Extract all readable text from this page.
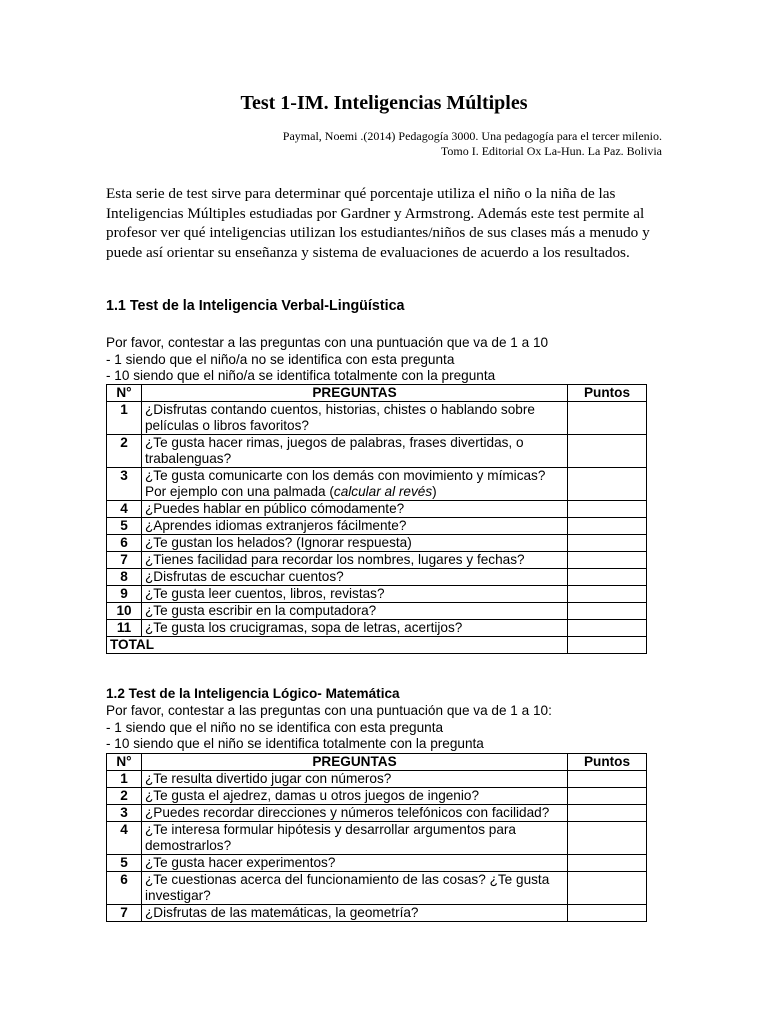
Test 1-IM. Inteligencias Múltiples
Paymal, Noemi .(2014) Pedagogía 3000. Una pedagogía para el tercer milenio.
Tomo I. Editorial Ox La-Hun. La Paz. Bolivia
Esta serie de test sirve para determinar qué porcentaje utiliza el niño o la niña de las Inteligencias Múltiples estudiadas por Gardner y Armstrong. Además este test permite al profesor ver qué inteligencias utilizan los estudiantes/niños de sus clases más a menudo y puede así orientar su enseñanza y sistema de evaluaciones de acuerdo a los resultados.
1.1 Test de la Inteligencia Verbal-Lingüística
Por favor, contestar a las preguntas con una puntuación que va de 1 a 10
- 1 siendo que el niño/a no se identifica con esta pregunta
- 10 siendo que el niño/a se identifica totalmente con la pregunta
N°	PREGUNTAS	Puntos
1	¿Disfrutas contando cuentos, historias, chistes o hablando sobre películas o libros favoritos?	
2	¿Te gusta hacer rimas, juegos de palabras, frases divertidas, o trabalenguas?	
3	¿Te gusta comunicarte con los demás con movimiento y mímicas? Por ejemplo con una palmada (calcular al revés)	
4	¿Puedes hablar en público cómodamente?	
5	¿Aprendes idiomas extranjeros fácilmente?	
6	¿Te gustan los helados? (Ignorar respuesta)	
7	¿Tienes facilidad para recordar los nombres, lugares y fechas?	
8	¿Disfrutas de escuchar cuentos?	
9	¿Te gusta leer cuentos, libros, revistas?	
10	¿Te gusta escribir en la computadora?	
11	¿Te gusta los crucigramas, sopa de letras, acertijos?	
TOTAL		
1.2 Test de la Inteligencia Lógico- Matemática
Por favor, contestar a las preguntas con una puntuación que va de 1 a 10:
- 1 siendo que el niño no se identifica con esta pregunta
- 10 siendo que el niño se identifica totalmente con la pregunta
N°	PREGUNTAS	Puntos
1	¿Te resulta divertido jugar con números?	
2	¿Te gusta el ajedrez, damas u otros juegos de ingenio?	
3	¿Puedes recordar direcciones y números telefónicos con facilidad?	
4	¿Te interesa formular hipótesis y desarrollar argumentos para demostrarlos?	
5	¿Te gusta hacer experimentos?	
6	¿Te cuestionas acerca del funcionamiento de las cosas? ¿Te gusta investigar?	
7	¿Disfrutas de las matemáticas, la geometría?	
